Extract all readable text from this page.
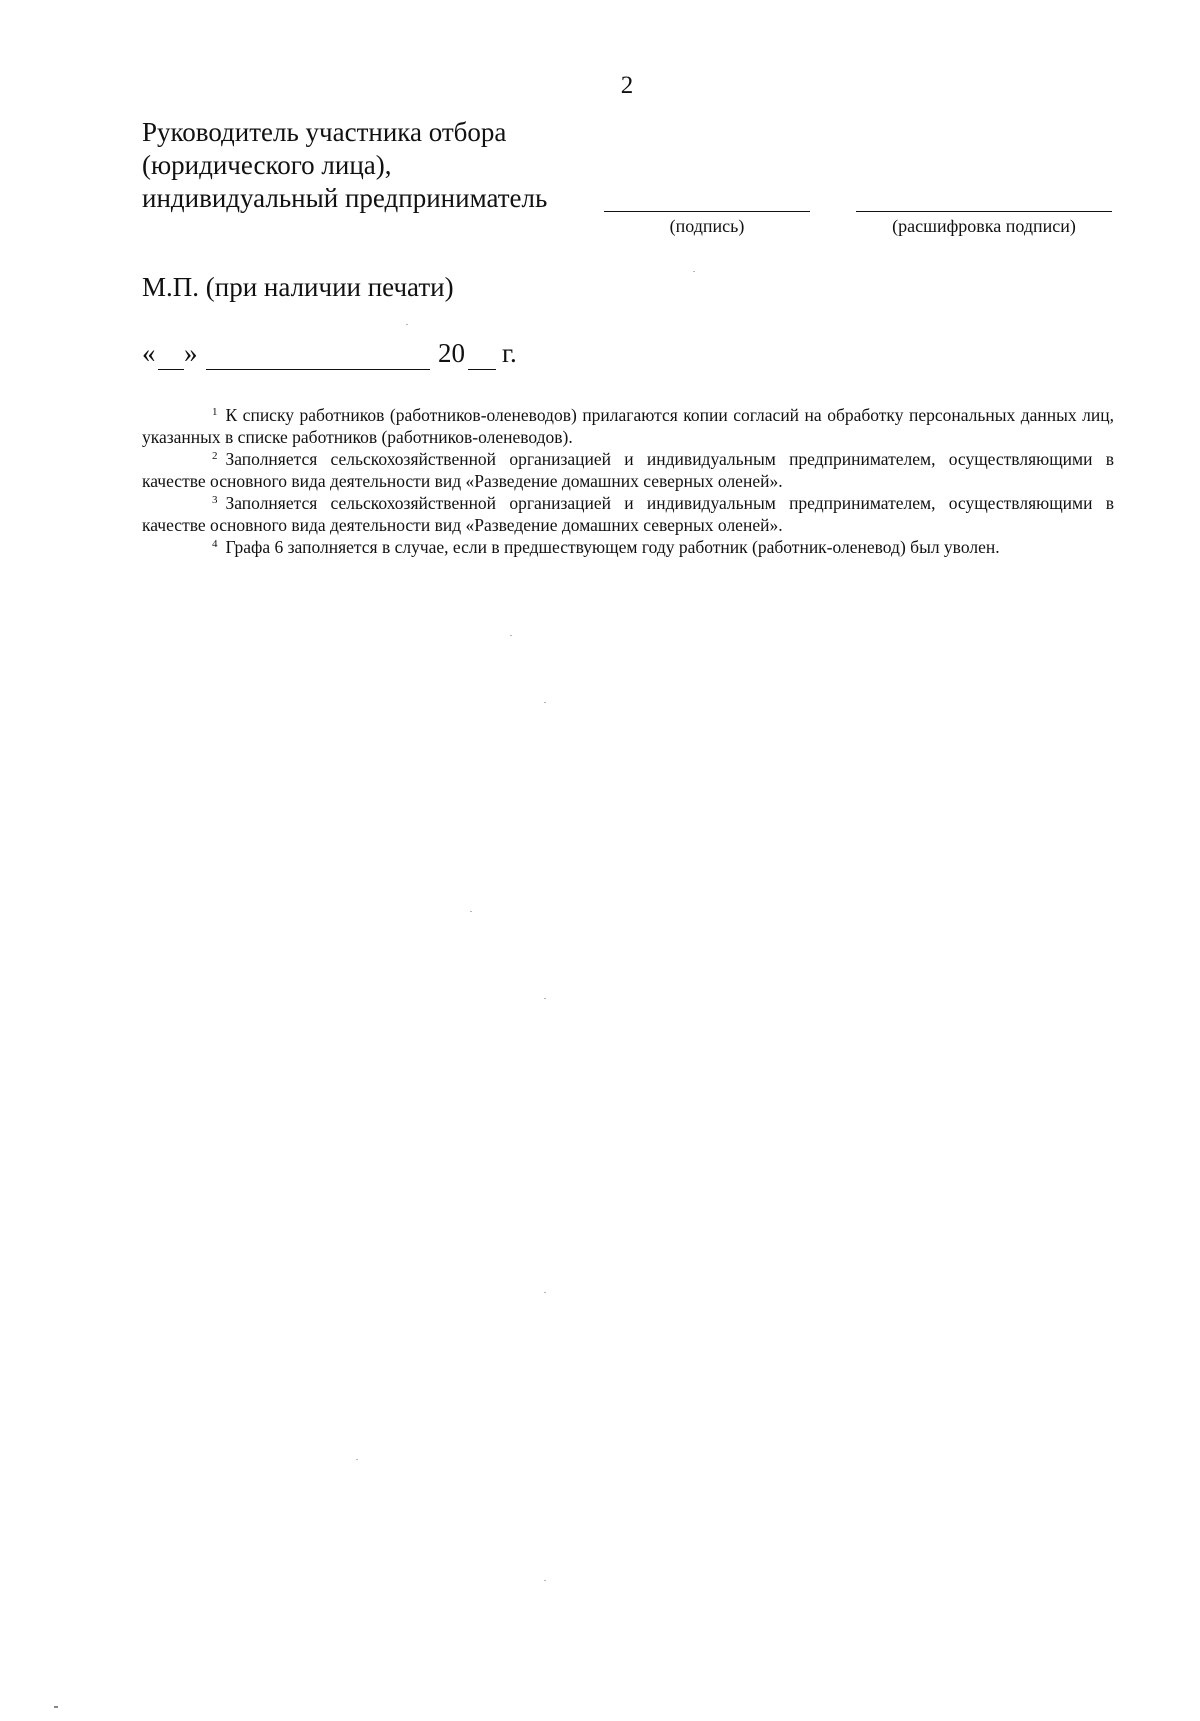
2
Руководитель участника отбора
(юридического лица),
индивидуальный предприниматель
(подпись)	(расшифровка подписи)
М.П. (при наличии печати)
« »	20 г.

$^1$ К списку работников (работников-оленеводов) прилагаются копии согласий на обработку персональных данных лиц, указанных в списке работников (работников-оленеводов).

$^2$ Заполняется сельскохозяйственной организацией и индивидуальным предпринимателем, осуществляющими в качестве основного вида деятельности вид «Разведение домашних северных оленей».

$^3$ Заполняется сельскохозяйственной организацией и индивидуальным предпринимателем, осуществляющими в качестве основного вида деятельности вид «Разведение домашних северных оленей».

$^4$ Графа 6 заполняется в случае, если в предшествующем году работник (работник-оленевод) был уволен.
